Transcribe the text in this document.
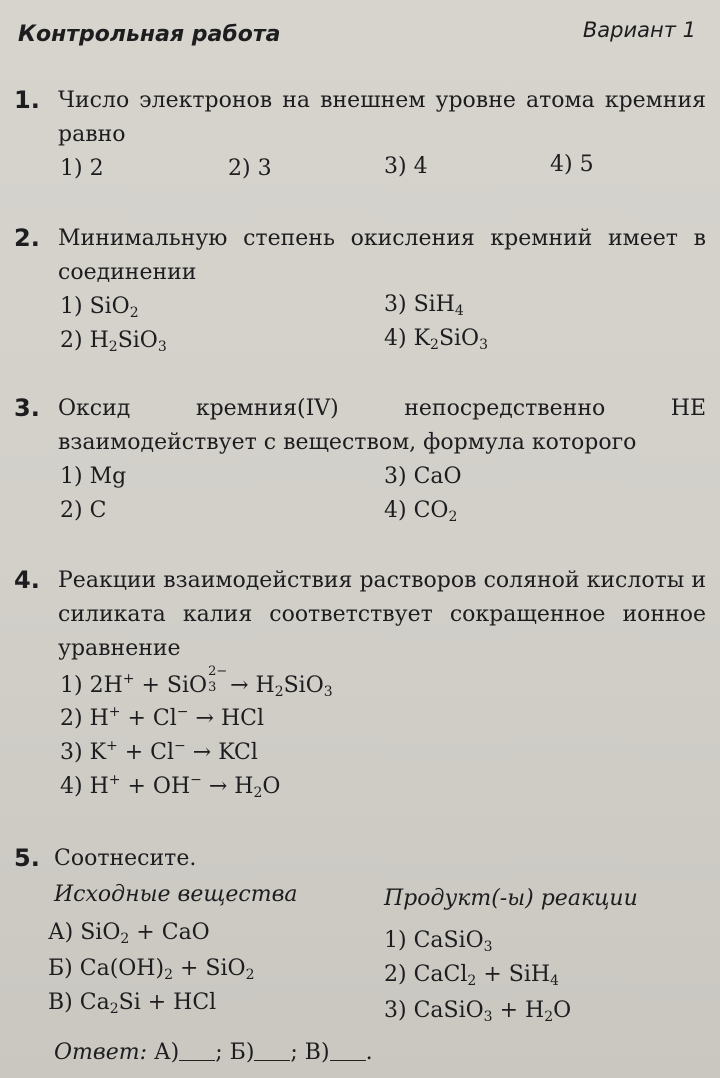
Контрольная работа	Вариант 1
1. Число электронов на внешнем уровне атома кремния равно
1) 2	2) 3	3) 4	4) 5
2. Минимальную степень окисления кремний имеет в соединении
1) SiO$_2$
2) $H_2SiO_3$
3) SiH$_4$
4) $K_2SiO_3$
3. Оксид кремния(IV) непосредственно НЕ взаимодействует с веществом, формула которого
1) Mg
2) C
3) CaO
4) $CO_2$
4. Реакции взаимодействия растворов соляной кислоты и силиката калия соответствует сокращенное ионное уравнение
1) 2H+ + SiO
2−
$3 \to H_2SiO_3$
2) H+ + Cl− → HCl
3) K+ + Cl− → KCl
4) $H^+ + OH^- \to H_2O$
5. Соотнесите.
Исходные вещества	Продукт(-ы) реакции
А) SiO$_2$ + CaO
Б) $Ca(OH)_2 + SiO_2$
В) $Ca_2Si$ + HCl
1) CaSiO$_3$
2) CaCl$_2$ + SiH$_4$
3) CaSiO$_3$ + $H_2O$
Ответ: А) ; Б) ; В) .
